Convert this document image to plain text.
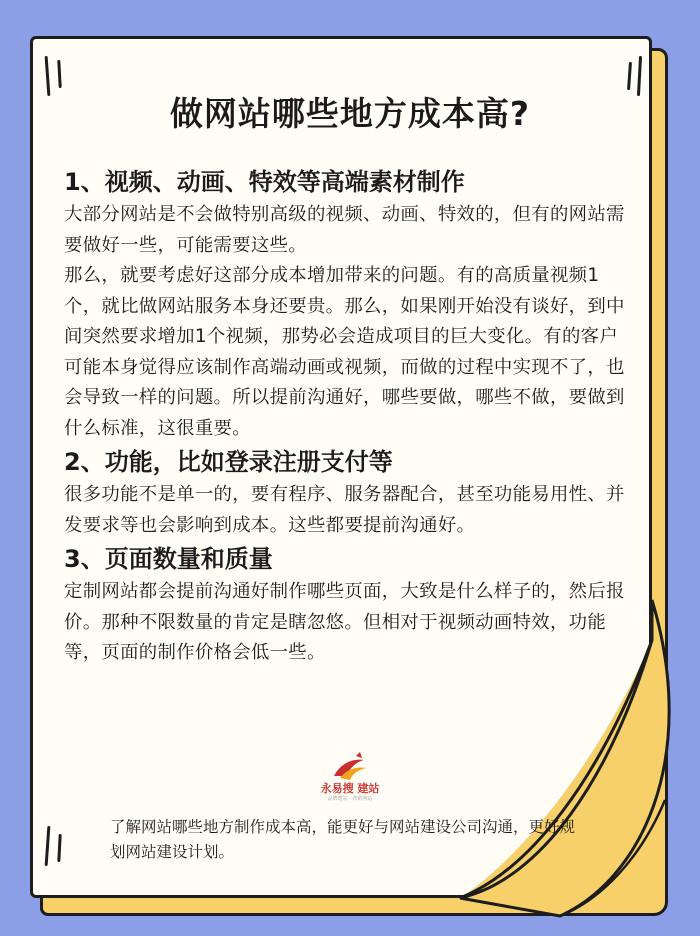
做网站哪些地方成本高?

1、视频、动画、特效等高端素材制作

大部分网站是不会做特别高级的视频、动画、特效的，但有的网站需要做好一些，可能需要这些。

那么，就要考虑好这部分成本增加带来的问题。有的高质量视频1个，就比做网站服务本身还要贵。那么，如果刚开始没有谈好，到中间突然要求增加1个视频，那势必会造成项目的巨大变化。有的客户可能本身觉得应该制作高端动画或视频，而做的过程中实现不了，也会导致一样的问题。所以提前沟通好，哪些要做，哪些不做，要做到什么标准，这很重要。

2、功能，比如登录注册支付等

很多功能不是单一的，要有程序、服务器配合，甚至功能易用性、并发要求等也会影响到成本。这些都要提前沟通好。

3、页面数量和质量

定制网站都会提前沟通好制作哪些页面，大致是什么样子的，然后报价。那种不限数量的肯定是瞎忽悠。但相对于视频动画特效，功能等，页面的制作价格会低一些。

永易搜 建站
品牌建站 · 营销网站
了解网站哪些地方制作成本高，能更好与网站建设公司沟通，更好规划网站建设计划。
